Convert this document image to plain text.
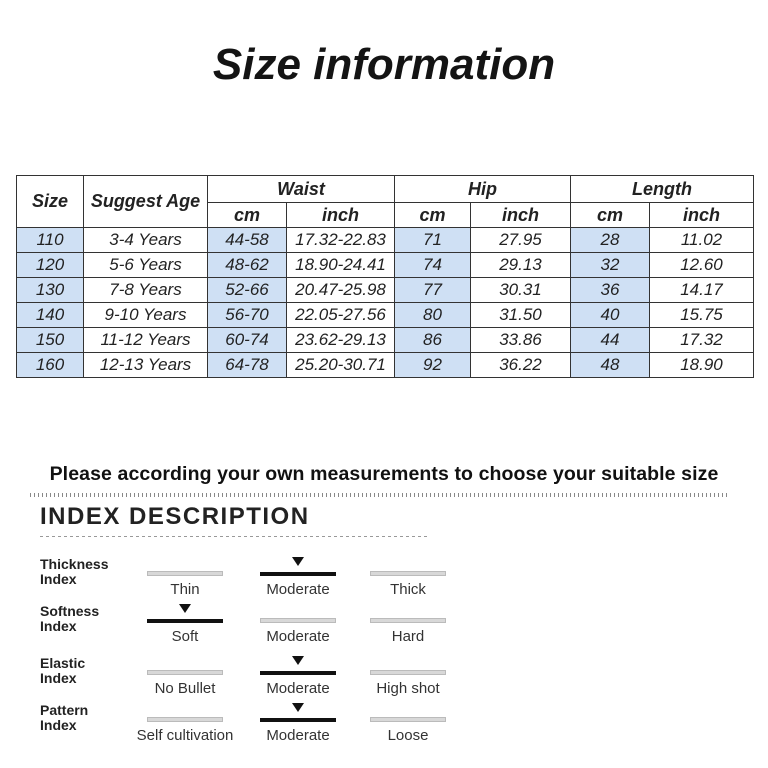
Size information
Size	Suggest Age	Waist		Hip		Length	
		cm	inch	cm	inch	cm	inch
110	3-4 Years	44-58	17.32-22.83	71	27.95	28	11.02
120	5-6 Years	48-62	18.90-24.41	74	29.13	32	12.60
130	7-8 Years	52-66	20.47-25.98	77	30.31	36	14.17
140	9-10 Years	56-70	22.05-27.56	80	31.50	40	15.75
150	11-12 Years	60-74	23.62-29.13	86	33.86	44	17.32
160	12-13 Years	64-78	25.20-30.71	92	36.22	48	18.90
Please according your own measurements to choose your suitable size
INDEX DESCRIPTION
Thickness
Index
Thin	Moderate	Thick
Softness
Index
Soft	Moderate	Hard
Elastic
Index
No Bullet	Moderate	High shot
Pattern
Index
Self cultivation	Moderate	Loose
